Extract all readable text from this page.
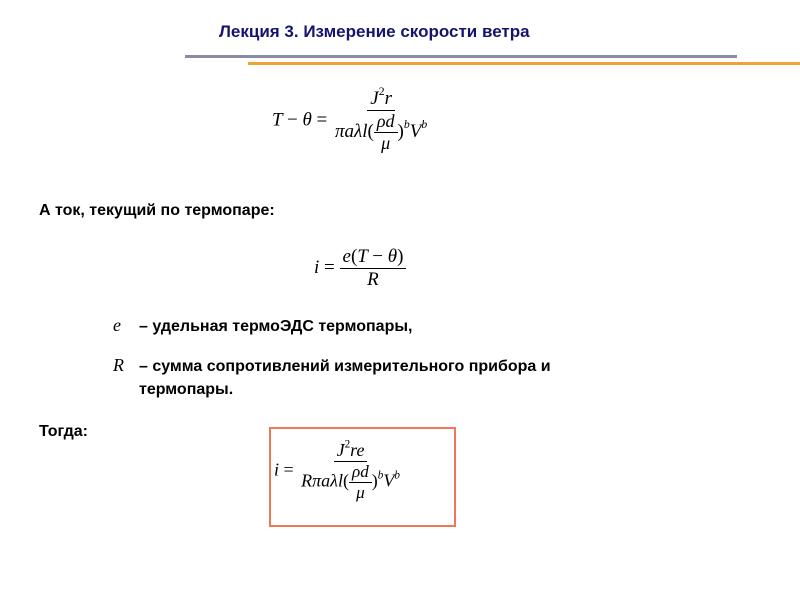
Лекция 3. Измерение скорости ветра
$T - \theta = \frac{J^2r}{\pi a\lambda l( \frac{\rho d}{\mu} )^bV^b}$
А ток, текущий по термопаре:
$i = \frac{e(T - \theta)}{R}$
e – удельная термоЭДС термопары,
R – сумма сопротивлений измерительного прибора и
термопары.
Тогда:
$i = \frac{J^2re}{R\pi a\lambda l( \frac{\rho d}{\mu} )^bV^b}$
